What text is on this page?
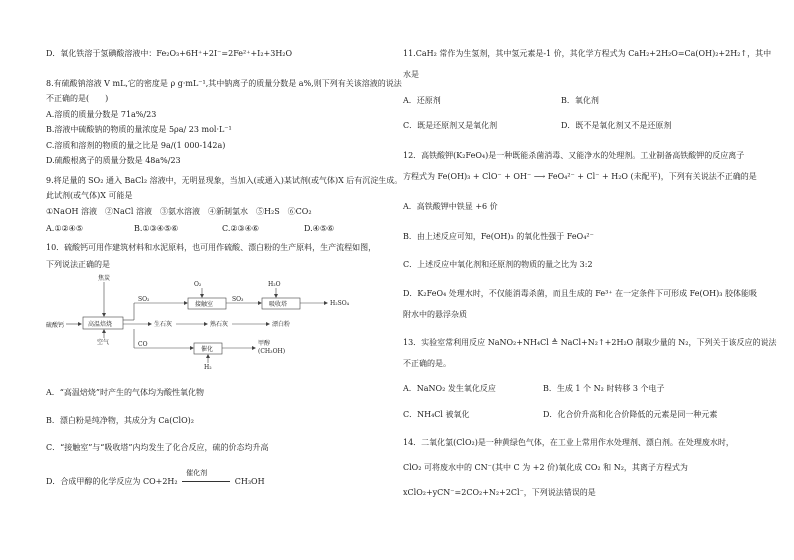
D．氧化铁溶于氢碘酸溶液中：Fe₂O₃+6H⁺+2I⁻=2Fe²⁺+I₂+3H₂O
8.有硫酸钠溶液 V mL,它的密度是 ρ g·mL⁻¹,其中钠离子的质量分数是 a%,则下列有关该溶液的说法
不正确的是(　　)
A.溶质的质量分数是 71a%/23
B.溶液中硫酸钠的物质的量浓度是 5ρa/ 23 mol·L⁻¹
C.溶质和溶剂的物质的量之比是 9a/(1 000-142a)
D.硫酸根离子的质量分数是 48a%/23
9.将足量的 SO₂ 通入 BaCl₂ 溶液中，无明显现象，当加入(或通入)某试剂(或气体)X 后有沉淀生成。
此试剂(或气体)X 可能是
①NaOH 溶液　②NaCl 溶液　③氨水溶液　④新制氯水　⑤H₂S　⑥CO₂
A.①②④⑤	B.①③④⑤⑥	C.②③④⑥	D.④⑤⑥
10．硫酸钙可用作建筑材料和水泥原料，也可用作硫酸、漂白粉的生产原料，生产流程如图，
下列说法正确的是
焦炭
硫酸钙	高温焙烧
空气
SO₂
O₂
接触室
SO₃
H₂O
吸收塔	H₂SO₄
生石灰	熟石灰	漂白粉
CO
催化
H₂
甲醇
(CH₃OH)
A．“高温焙烧”时产生的气体均为酸性氧化物
B．漂白粉是纯净物，其成分为 Ca(ClO)₂
C．“接触室”与“吸收塔”内均发生了化合反应，硫的价态均升高
D．合成甲醇的化学反应为 CO+2H₂
催化剂
CH₃OH
11.CaH₂ 常作为生氢剂，其中氢元素是-1 价，其化学方程式为 CaH₂+2H₂O=Ca(OH)₂+2H₂↑，其中
水是
A．还原剂	B．氧化剂
C．既是还原剂又是氧化剂	D．既不是氧化剂又不是还原剂
12．高铁酸钾(K₂FeO₄)是一种既能杀菌消毒、又能净水的处理剂。工业制备高铁酸钾的反应离子
方程式为 Fe(OH)₃ + ClO⁻ + OH⁻ ⟶ FeO₄²⁻ + Cl⁻ + H₂O (未配平)，下列有关说法不正确的是
A．高铁酸钾中铁显 +6 价
B．由上述反应可知，Fe(OH)₃ 的氧化性强于 FeO₄²⁻
C．上述反应中氧化剂和还原剂的物质的量之比为 3:2
D．K₂FeO₄ 处理水时，不仅能消毒杀菌，而且生成的 Fe³⁺ 在一定条件下可形成 Fe(OH)₃ 胶体能吸
附水中的悬浮杂质
13．实验室常利用反应 NaNO₂+NH₄Cl ≜ NaCl+N₂↑+2H₂O 制取少量的 N₂，下列关于该反应的说法
不正确的是。
A．NaNO₂ 发生氧化反应	B．生成 1 个 N₂ 时转移 3 个电子
C．NH₄Cl 被氧化	D．化合价升高和化合价降低的元素是同一种元素
14．二氧化氯(ClO₂)是一种黄绿色气体，在工业上常用作水处理剂、漂白剂。在处理废水时，
ClO₂ 可将废水中的 CN⁻(其中 C 为 +2 价)氧化成 CO₂ 和 N₂，其离子方程式为
xClO₂+yCN⁻=2CO₂+N₂+2Cl⁻，下列说法错误的是
